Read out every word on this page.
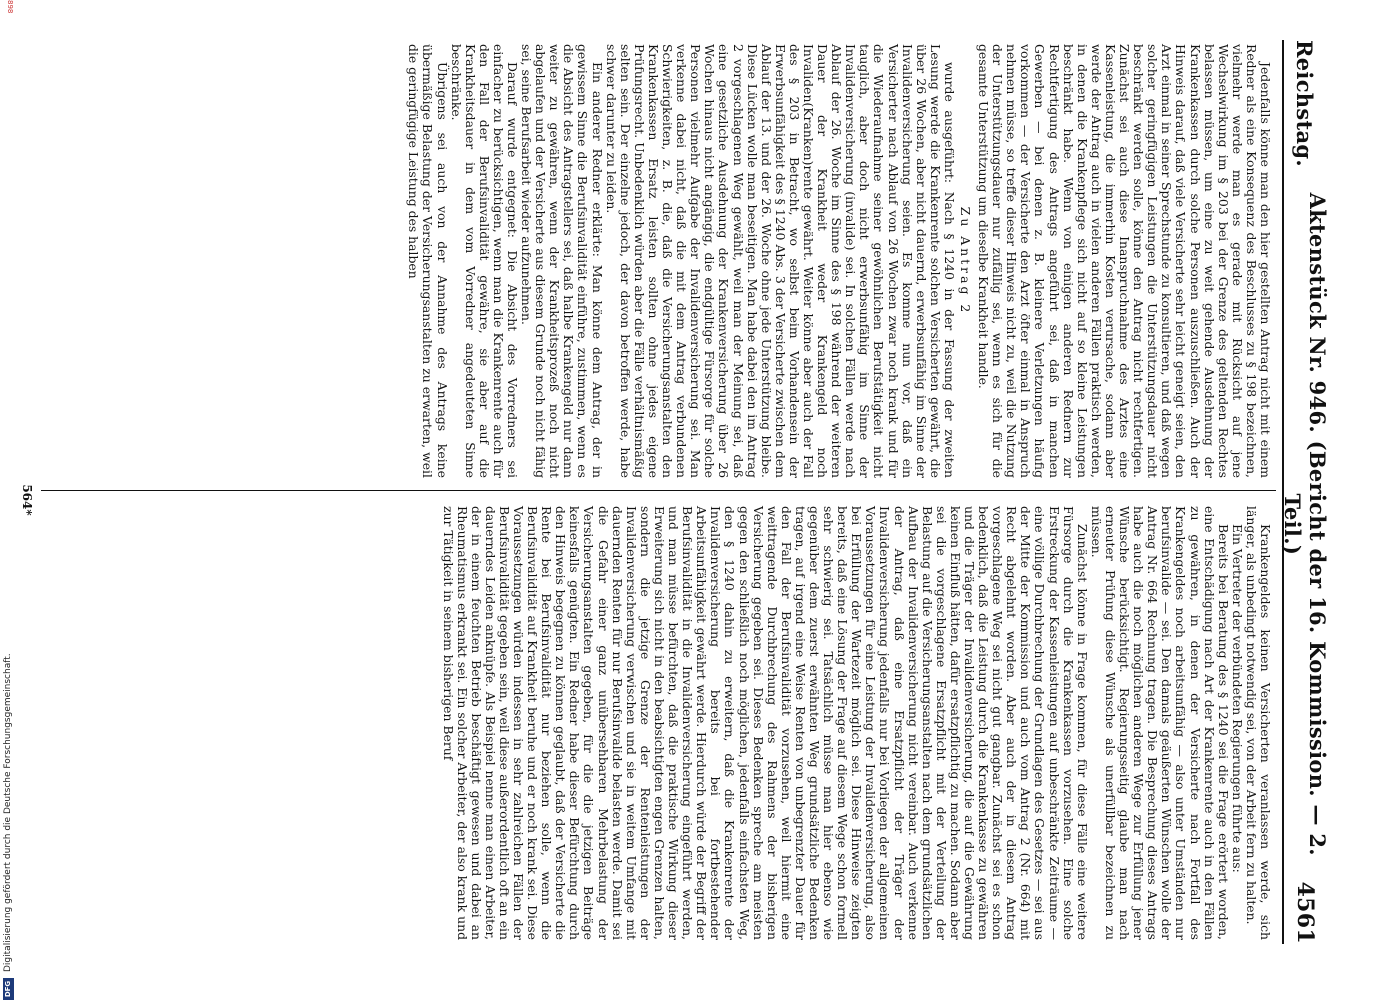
Reichstag.
Aktenstück Nr. 946. (Bericht der 16. Kommission. — 2. Teil.)
4561

Jedenfalls könne man den hier gestellten Antrag nicht mit einem Redner als eine Konsequenz des Beschlusses zu § 198 bezeichnen, vielmehr werde man es gerade mit Rücksicht auf jene Wechselwirkung im § 203 bei der Grenze des geltenden Rechtes belassen müssen, um eine zu weit gehende Ausdehnung der Krankenkassen durch solche Personen auszuschließen. Auch der Hinweis darauf, daß viele Versicherte sehr leicht geneigt seien, den Arzt einmal in seiner Sprechstunde zu konsultieren, und daß wegen solcher geringfügigen Leistungen die Unterstützungsdauer nicht beschränkt werden solle, könne den Antrag nicht rechtfertigen. Zunächst sei auch diese Inanspruchnahme des Arztes eine Kassenleistung, die immerhin Kosten verursache, sodann aber werde der Antrag auch in vielen anderen Fällen praktisch werden, in denen die Krankenpflege sich nicht auf so kleine Leistungen beschränkt habe. Wenn von einigen anderen Rednern zur Rechtfertigung des Antrags angeführt sei, daß in manchen Gewerben — bei denen z. B. kleinere Verletzungen häufig vorkommen — der Versicherte den Arzt öfter einmal in Anspruch nehmen müsse, so treffe dieser Hinweis nicht zu, weil die Nutzung der Unterstützungsdauer nur zufällig sei, wenn es sich für die gesamte Unterstützung um dieselbe Krankheit handle.

Zu Antrag 2

wurde ausgeführt: Nach § 1240 in der Fassung der zweiten Lesung werde die Krankenrente solchen Versicherten gewährt, die über 26 Wochen, aber nicht dauernd, erwerbsunfähig im Sinne der Invalidenversicherung seien. Es komme nun vor, daß ein Versicherter nach Ablauf von 26 Wochen zwar noch krank und für die Wiederaufnahme seiner gewöhnlichen Berufstätigkeit nicht tauglich, aber doch nicht erwerbsunfähig im Sinne der Invalidenversicherung (invalide) sei. In solchen Fällen werde nach Ablauf der 26. Woche im Sinne des § 198 während der weiteren Dauer der Krankheit weder Krankengeld noch Invaliden(Kranken)rente gewährt. Weiter könne aber auch der Fall des § 203 in Betracht, wo selbst beim Vorhandensein der Erwerbsunfähigkeit des § 1240 Abs. 3 der Versicherte zwischen dem Ablauf der 13. und der 26. Woche ohne jede Unterstützung bleibe. Diese Lücken wolle man beseitigen. Man habe dabei den im Antrag 2 vorgeschlagenen Weg gewählt, weil man der Meinung sei, daß eine gesetzliche Ausdehnung der Krankenversicherung über 26 Wochen hinaus nicht angängig, die endgültige Fürsorge für solche Personen vielmehr Aufgabe der Invalidenversicherung sei. Man verkenne dabei nicht, daß die mit dem Antrag verbundenen Schwierigkeiten, z. B. die, daß die Versicherungsanstalten den Krankenkassen Ersatz leisten sollten ohne jedes eigene Prüfungsrecht. Unbedenklich würden aber die Fälle verhältnismäßig selten sein. Der einzelne jedoch, der davon betroffen werde, habe schwer darunter zu leiden.

Ein anderer Redner erklärte: Man könne dem Antrag, der in gewissem Sinne die Berufsinvalidität einführe, zustimmen, wenn es die Absicht des Antragstellers sei, daß halbe Krankengeld nur dann weiter zu gewähren, wenn der Krankheitsprozeß noch nicht abgelaufen und der Versicherte aus diesem Grunde noch nicht fähig sei, seine Berufsarbeit wieder aufzunehmen.

Darauf wurde entgegnet: Die Absicht des Vorredners sei einfacher zu berücksichtigen, wenn man die Krankenrente auch für den Fall der Berufsinvalidität gewähre, sie aber auf die Krankheitsdauer in dem vom Vorredner angedeuteten Sinne beschränke.

Übrigens sei auch von der Annahme des Antrags keine übermäßige Belastung der Versicherungsanstalten zu erwarten, weil die geringfügige Leistung des halben

Krankengeldes keinen Versicherten veranlassen werde, sich länger, als unbedingt notwendig sei, von der Arbeit fern zu halten.

Ein Vertreter der verbündeten Regierungen führte aus:

Bereits bei Beratung des § 1240 sei die Frage erörtert worden, eine Entschädigung nach Art der Krankenrente auch in den Fällen zu gewähren, in denen der Versicherte nach Fortfall des Krankengeldes noch arbeitsunfähig — also unter Umständen nur berufsinvalide — sei. Den damals geäußerten Wünschen wolle der Antrag Nr. 664 Rechnung tragen. Die Besprechung dieses Antrags habe auch die noch möglichen anderen Wege zur Erfüllung jener Wünsche berücksichtigt. Regierungsseitig glaube man nach erneuter Prüfung diese Wünsche als unerfüllbar bezeichnen zu müssen.

Zunächst könne in Frage kommen, für diese Fälle eine weitere Fürsorge durch die Krankenkassen vorzusehen. Eine solche Erstreckung der Kassenleistungen auf unbeschränkte Zeiträume — eine völlige Durchbrechung der Grundlagen des Gesetzes — sei aus der Mitte der Kommission und auch vom Antrag 2 (Nr. 664) mit Recht abgelehnt worden. Aber auch der in diesem Antrag vorgeschlagene Weg sei nicht gut gangbar. Zunächst sei es schon bedenklich, daß die Leistung durch die Krankenkasse zu gewähren und die Träger der Invalidenversicherung, die auf die Gewährung keinen Einfluß hätten, dafür ersatzpflichtig zu machen. Sodann aber sei die vorgeschlagene Ersatzpflicht mit der Verteilung der Belastung auf die Versicherungsanstalten nach dem grundsätzlichen Aufbau der Invalidenversicherung nicht vereinbar. Auch verkenne der Antrag, daß eine Ersatzpflicht der Träger der Invalidenversicherung jedenfalls nur bei Vorliegen der allgemeinen Voraussetzungen für eine Leistung der Invalidenversicherung, also bei Erfüllung der Wartezeit möglich sei. Diese Hinweise zeigten bereits, daß eine Lösung der Frage auf diesem Wege schon formell sehr schwierig sei. Tatsächlich müsse man hier ebenso wie gegenüber dem zuerst erwähnten Weg grundsätzliche Bedenken tragen, auf irgend eine Weise Renten von unbegrenzter Dauer für den Fall der Berufsinvalidität vorzusehen, weil hiermit eine weittragende Durchbrechung des Rahmens der bisherigen Versicherung gegeben sei. Dieses Bedenken spreche am meisten gegen den schließlich noch möglichen, jedenfalls einfachsten Weg, den § 1240 dahin zu erweitern, daß die Krankenrente der Invalidenversicherung bereits bei fortbestehender Arbeitsunfähigkeit gewährt werde. Hierdurch würde der Begriff der Berufsinvalidität in die Invalidenversicherung eingeführt werden, und man müsse befürchten, daß die praktische Wirkung dieser Erweiterung sich nicht in den beabsichtigten engen Grenzen halten, sondern die jetzige Grenze der Rentenleistungen der Invalidenversicherung verwischen und sie in weitem Umfange mit dauernden Renten für nur Berufsinvalide belasten werde. Damit sei die Gefahr einer ganz unübersehbaren Mehrbelastung der Versicherungsanstalten gegeben, für die die jetzigen Beiträge keinesfalls genügten. Ein Redner habe dieser Befürchtung durch den Hinweis begegnen zu können geglaubt, daß der Versicherte die Rente bei Berufsinvalidität nur beziehen solle, wenn die Berufsinvalidität auf Krankheit beruhe und er noch krank sei. Diese Voraussetzungen würden indessen in sehr zahlreichen Fällen der Berufsinvalidität gegeben sein, weil diese außerordentlich oft an ein dauerndes Leiden anknüpfe. Als Beispiel nenne man einen Arbeiter, der in einem feuchten Betrieb beschäftigt gewesen und dabei an Rheumatismus erkrankt sei. Ein solcher Arbeiter, der also krank und zur Tätigkeit in seinem bisherigen Beruf

564*
DFG
Digitalisierung gefördert durch die Deutsche Forschungsgemeinschaft.
898
